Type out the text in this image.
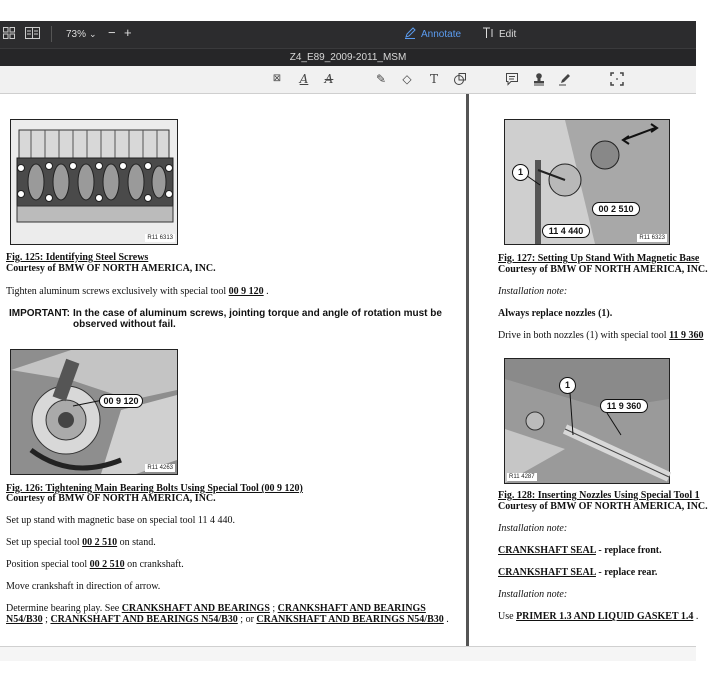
73% ⌄ − +	Annotate	Edit
Z4_E89_2009-2011_MSM
⊠ A A	✎ ◇ T
R11 6313
Fig. 125: Identifying Steel Screws
Courtesy of BMW OF NORTH AMERICA, INC.
Tighten aluminum screws exclusively with special tool 00 9 120 .
IMPORTANT: In the case of aluminum screws, jointing torque and angle of rotation must be
observed without fail.
00 9 120
R11 4263
Fig. 126: Tightening Main Bearing Bolts Using Special Tool (00 9 120)
Courtesy of BMW OF NORTH AMERICA, INC.
Set up stand with magnetic base on special tool 11 4 440.
Set up special tool 00 2 510 on stand.
Position special tool 00 2 510 on crankshaft.
Move crankshaft in direction of arrow.
Determine bearing play. See CRANKSHAFT AND BEARINGS ; CRANKSHAFT AND BEARINGS
N54/B30 ; CRANKSHAFT AND BEARINGS N54/B30 ; or CRANKSHAFT AND BEARINGS N54/B30 .
1
00 2 510
11 4 440
R11 6323
Fig. 127: Setting Up Stand With Magnetic Base
Courtesy of BMW OF NORTH AMERICA, INC.
Installation note:
Always replace nozzles (1).
Drive in both nozzles (1) with special tool 11 9 360
1
11 9 360
R11 4287
Fig. 128: Inserting Nozzles Using Special Tool 1
Courtesy of BMW OF NORTH AMERICA, INC.
Installation note:
CRANKSHAFT SEAL - replace front.
CRANKSHAFT SEAL - replace rear.
Installation note:
Use PRIMER 1.3 AND LIQUID GASKET 1.4 .
